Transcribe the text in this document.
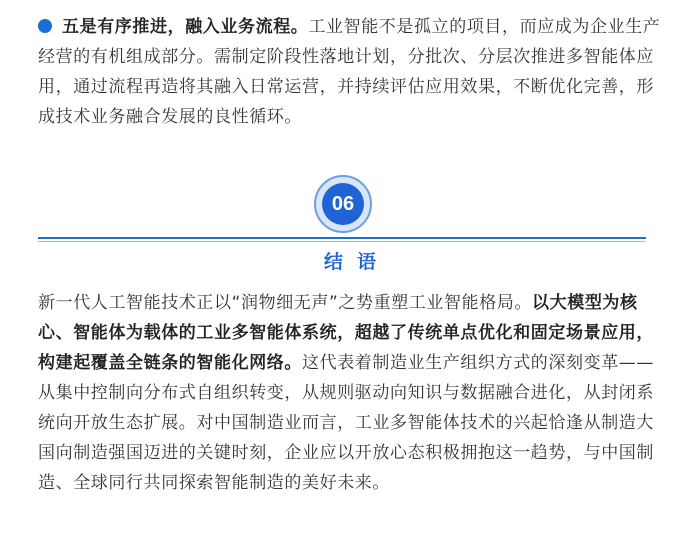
五是有序推进，融入业务流程。工业智能不是孤立的项目，而应成为企业生产经营的有机组成部分。需制定阶段性落地计划，分批次、分层次推进多智能体应用，通过流程再造将其融入日常运营，并持续评估应用效果，不断优化完善，形成技术业务融合发展的良性循环。

06
结语

新一代人工智能技术正以“润物细无声”之势重塑工业智能格局。以大模型为核心、智能体为载体的工业多智能体系统，超越了传统单点优化和固定场景应用，构建起覆盖全链条的智能化网络。这代表着制造业生产组织方式的深刻变革——从集中控制向分布式自组织转变，从规则驱动向知识与数据融合进化，从封闭系统向开放生态扩展。对中国制造业而言，工业多智能体技术的兴起恰逢从制造大国向制造强国迈进的关键时刻，企业应以开放心态积极拥抱这一趋势，与中国制造、全球同行共同探索智能制造的美好未来。
